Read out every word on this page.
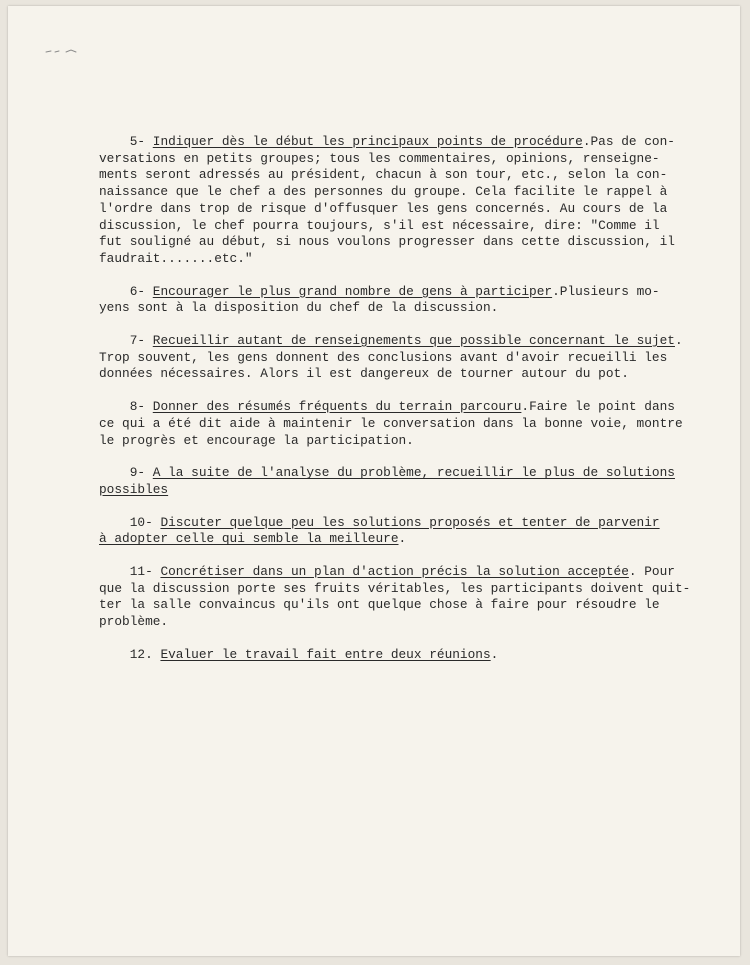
5- Indiquer dès le début les principaux points de procédure.Pas de con-
versations en petits groupes; tous les commentaires, opinions, renseigne-
ments seront adressés au président, chacun à son tour, etc., selon la con-
naissance que le chef a des personnes du groupe. Cela facilite le rappel à
l'ordre dans trop de risque d'offusquer les gens concernés. Au cours de la
discussion, le chef pourra toujours, s'il est nécessaire, dire: "Comme il
fut souligné au début, si nous voulons progresser dans cette discussion, il
faudrait.......etc."

6- Encourager le plus grand nombre de gens à participer.Plusieurs mo-
yens sont à la disposition du chef de la discussion.

7- Recueillir autant de renseignements que possible concernant le sujet.
Trop souvent, les gens donnent des conclusions avant d'avoir recueilli les
données nécessaires. Alors il est dangereux de tourner autour du pot.

8- Donner des résumés fréquents du terrain parcouru.Faire le point dans
ce qui a été dit aide à maintenir le conversation dans la bonne voie, montre
le progrès et encourage la participation.

9- A la suite de l'analyse du problème, recueillir le plus de solutions
possibles

10- Discuter quelque peu les solutions proposés et tenter de parvenir
à adopter celle qui semble la meilleure.

11- Concrétiser dans un plan d'action précis la solution acceptée. Pour
que la discussion porte ses fruits véritables, les participants doivent quit-
ter la salle convaincus qu'ils ont quelque chose à faire pour résoudre le
problème.

12. Evaluer le travail fait entre deux réunions.
